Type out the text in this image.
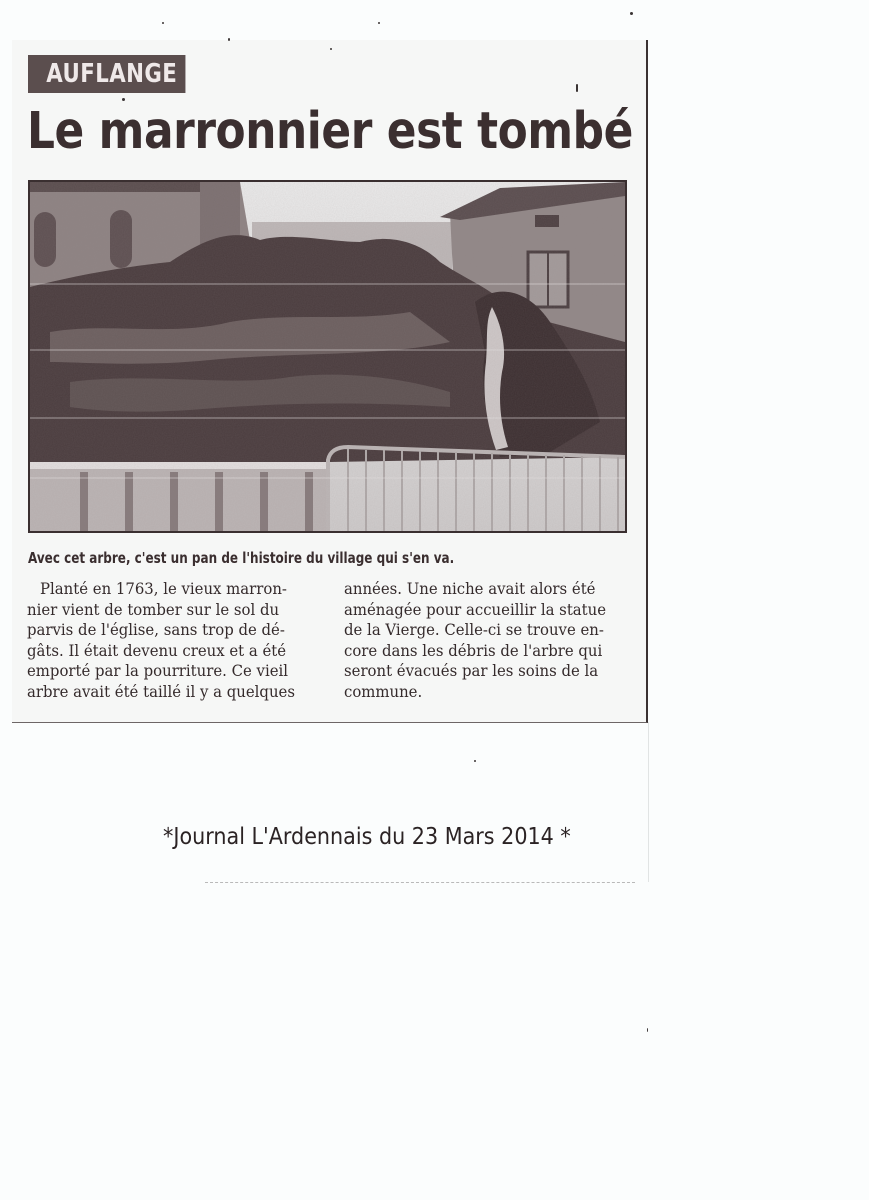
AUFLANGE
Le marronnier est tombé

Avec cet arbre, c'est un pan de l'histoire du village qui s'en va.

Planté en 1763, le vieux marron-
nier vient de tomber sur le sol du
parvis de l'église, sans trop de dé-
gâts. Il était devenu creux et a été
emporté par la pourriture. Ce vieil
arbre avait été taillé il y a quelques
années. Une niche avait alors été
aménagée pour accueillir la statue
de la Vierge. Celle-ci se trouve en-
core dans les débris de l'arbre qui
seront évacués par les soins de la
commune.
*Journal L'Ardennais du 23 Mars 2014 *
